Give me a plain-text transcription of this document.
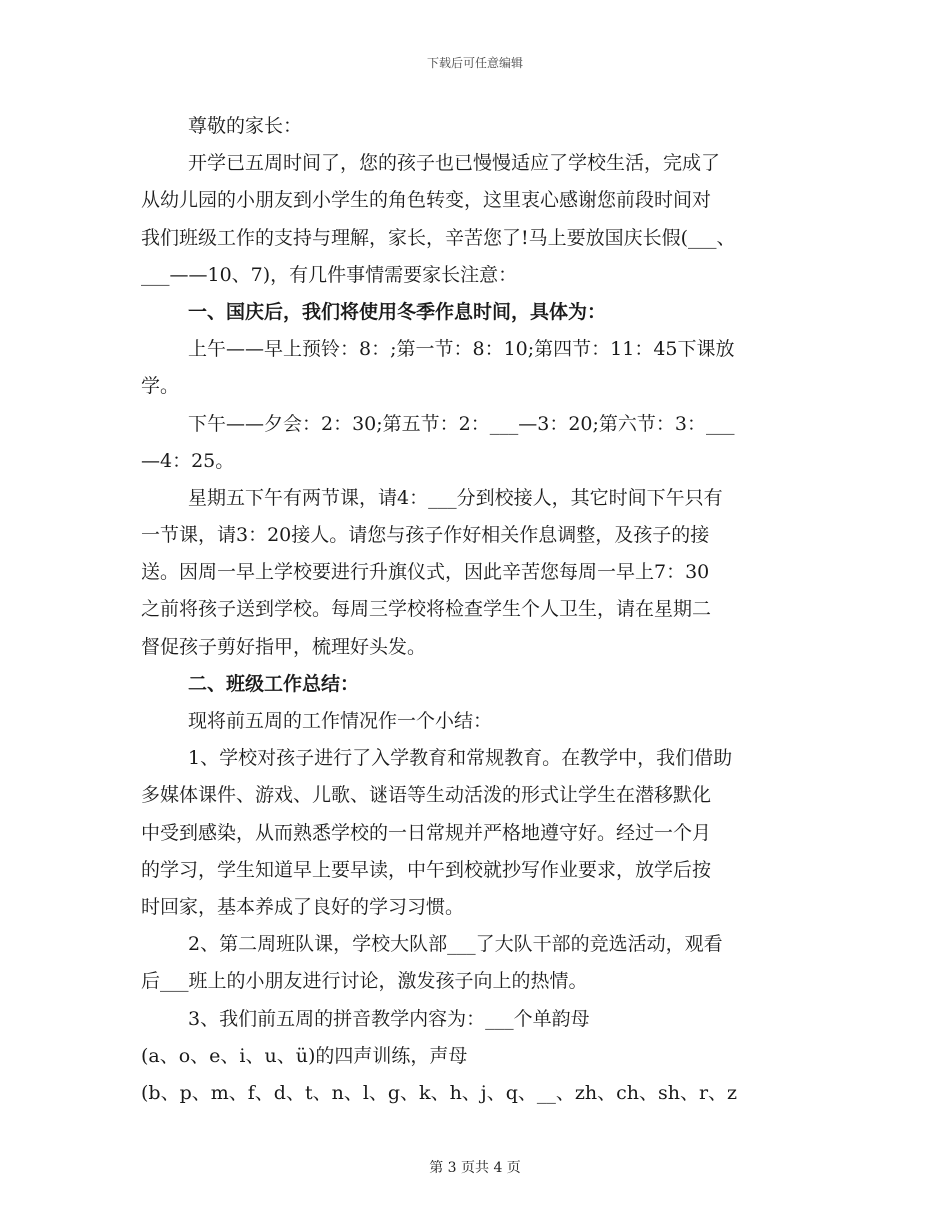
下载后可任意编辑
尊敬的家长：
开学已五周时间了，您的孩子也已慢慢适应了学校生活，完成了
从幼儿园的小朋友到小学生的角色转变，这里衷心感谢您前段时间对
我们班级工作的支持与理解，家长，辛苦您了!马上要放国庆长假(___、
___——10、7)，有几件事情需要家长注意：
一、国庆后，我们将使用冬季作息时间，具体为：
上午——早上预铃：8：;第一节：8：10;第四节：11：45下课放
学。
下午——夕会：2：30;第五节：2：___—3：20;第六节：3：___
—4：25。
星期五下午有两节课，请4：___分到校接人，其它时间下午只有
一节课，请3：20接人。请您与孩子作好相关作息调整，及孩子的接
送。因周一早上学校要进行升旗仪式，因此辛苦您每周一早上7：30
之前将孩子送到学校。每周三学校将检查学生个人卫生，请在星期二
督促孩子剪好指甲，梳理好头发。
二、班级工作总结：
现将前五周的工作情况作一个小结：
1、学校对孩子进行了入学教育和常规教育。在教学中，我们借助
多媒体课件、游戏、儿歌、谜语等生动活泼的形式让学生在潜移默化
中受到感染，从而熟悉学校的一日常规并严格地遵守好。经过一个月
的学习，学生知道早上要早读，中午到校就抄写作业要求，放学后按
时回家，基本养成了良好的学习习惯。
2、第二周班队课，学校大队部___了大队干部的竞选活动，观看
后___班上的小朋友进行讨论，激发孩子向上的热情。
3、我们前五周的拼音教学内容为：___个单韵母
(a、o、e、i、u、ü)的四声训练，声母
(b、p、m、f、d、t、n、l、g、k、h、j、q、__、zh、ch、sh、r、z
第 3 页共 4 页
